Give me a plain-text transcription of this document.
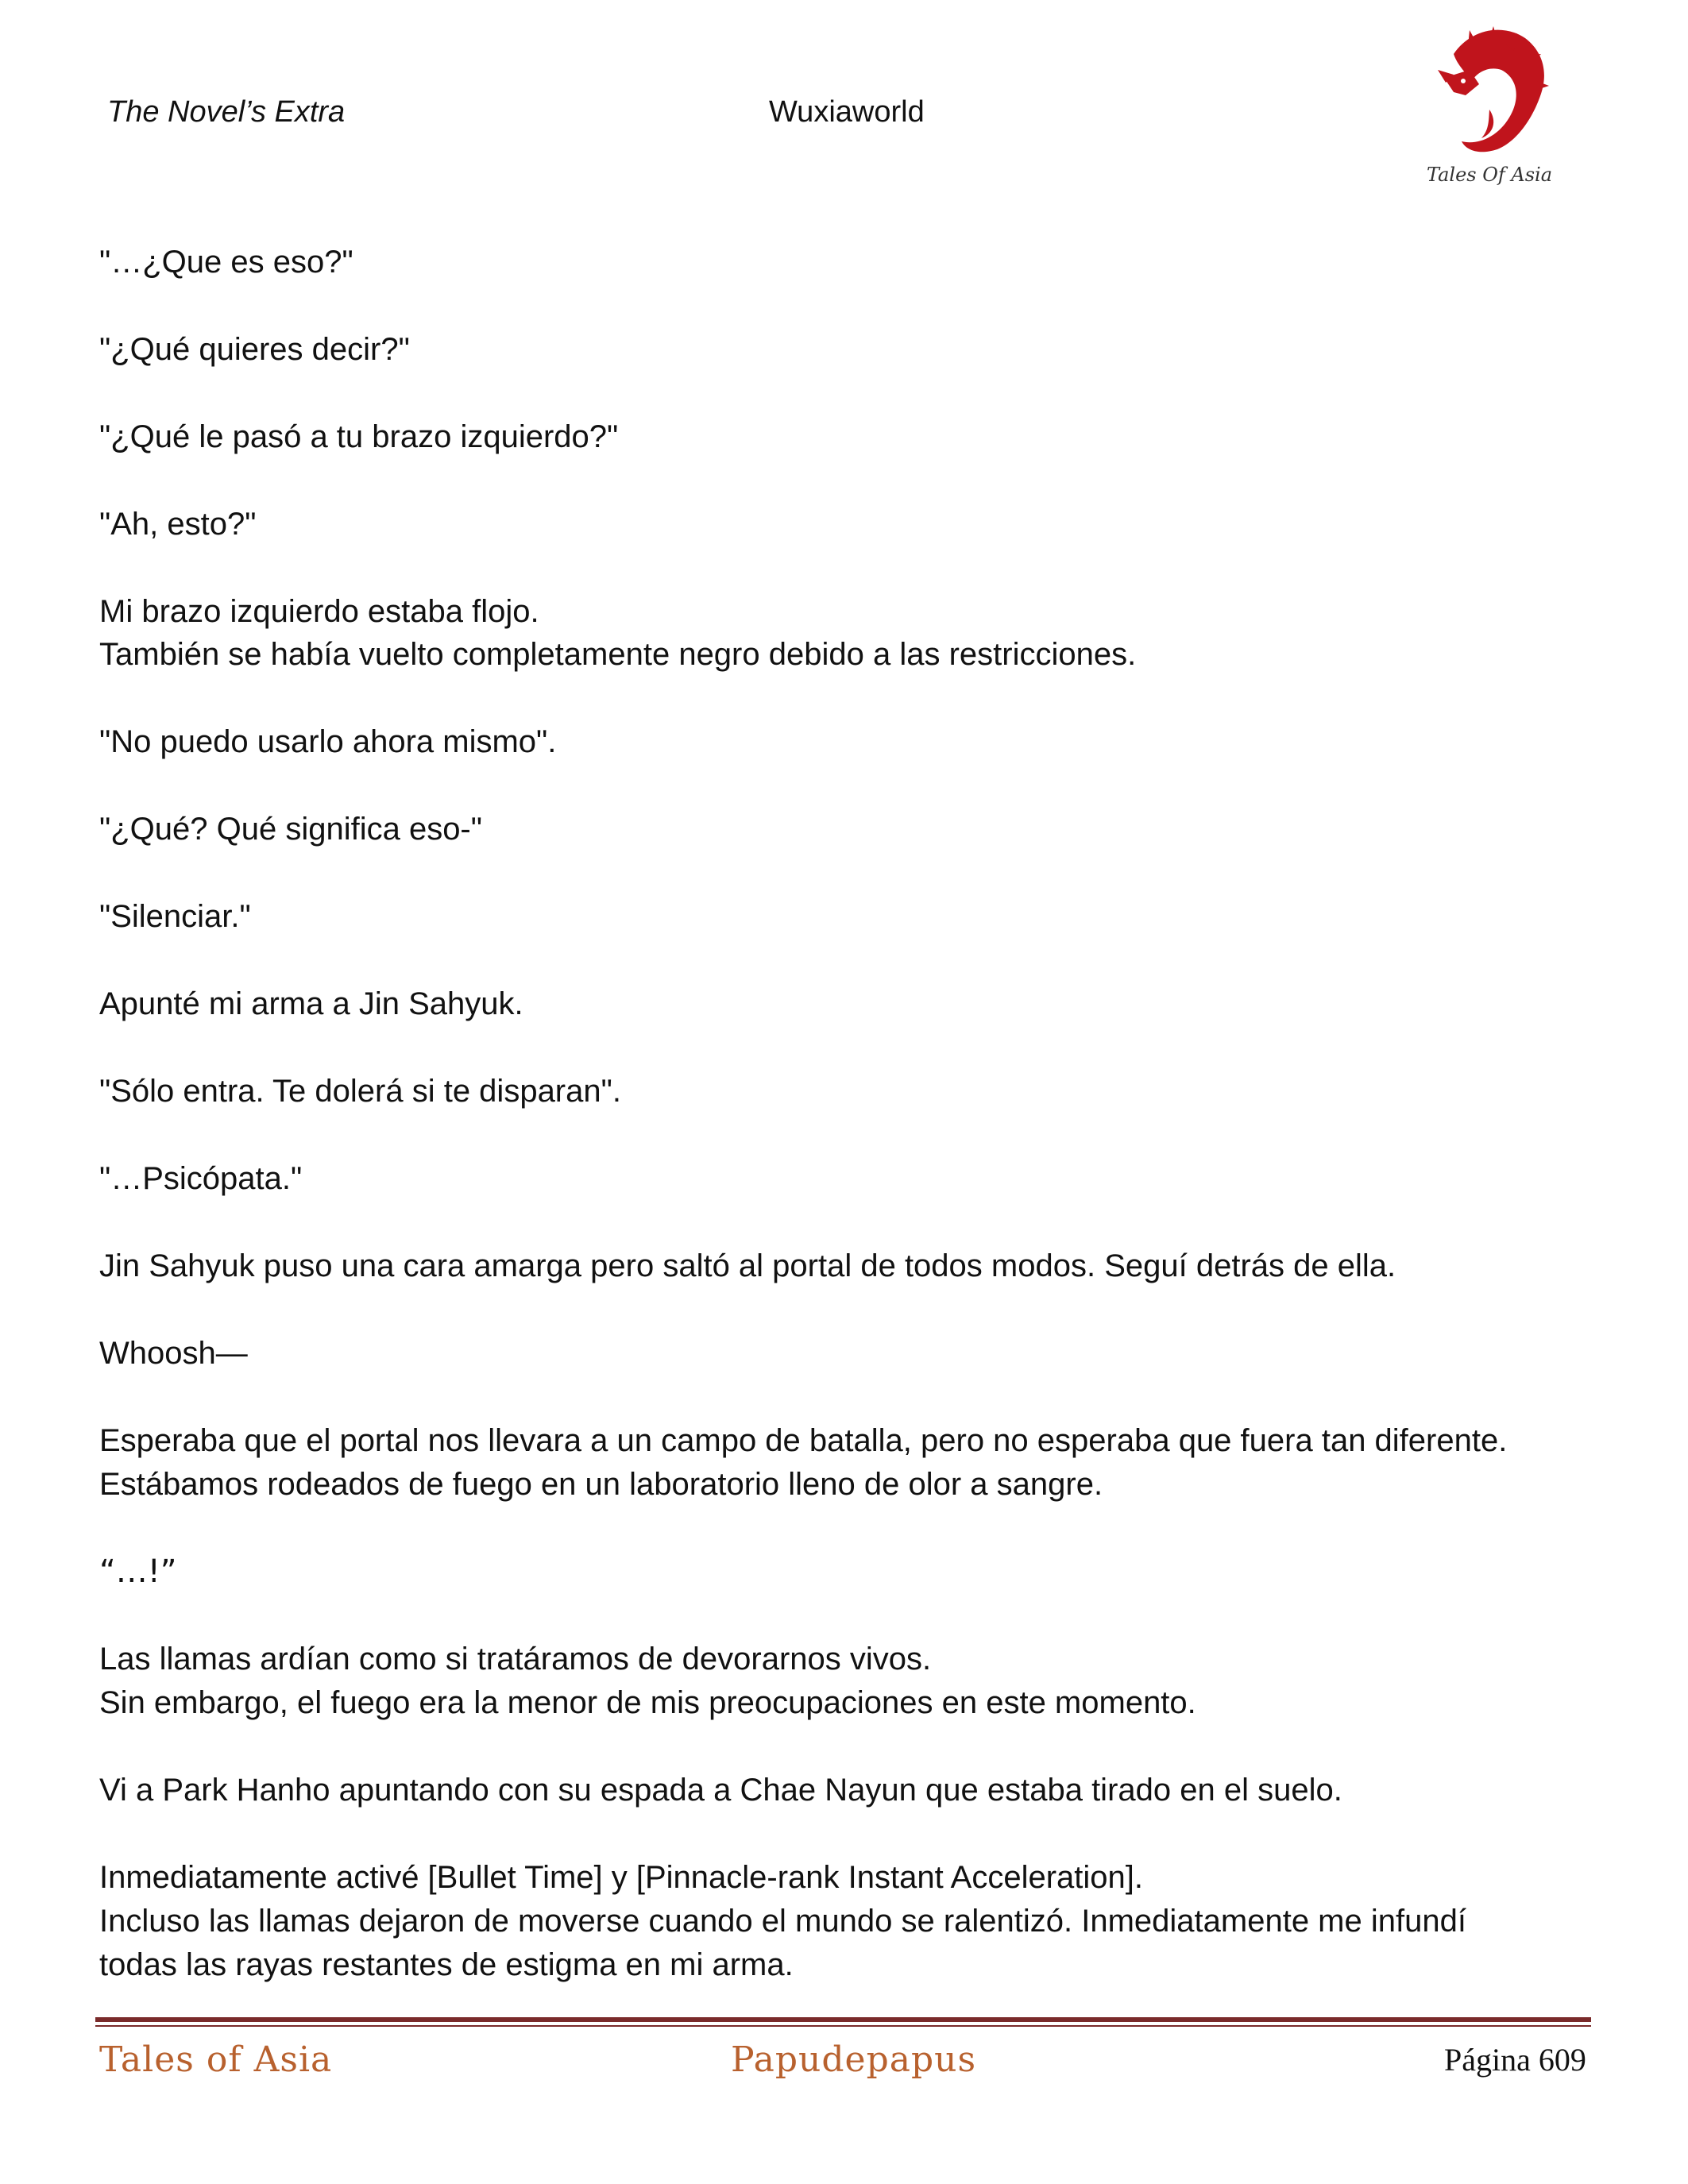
The Novel’s Extra	Wuxiaworld
Tales Of Asia
"…¿Que es eso?"
"¿Qué quieres decir?"
"¿Qué le pasó a tu brazo izquierdo?"
"Ah, esto?"
Mi brazo izquierdo estaba flojo.
También se había vuelto completamente negro debido a las restricciones.
"No puedo usarlo ahora mismo".
"¿Qué? Qué significa eso-"
"Silenciar."
Apunté mi arma a Jin Sahyuk.
"Sólo entra. Te dolerá si te disparan".
"…Psicópata."
Jin Sahyuk puso una cara amarga pero saltó al portal de todos modos. Seguí detrás de ella.
Whoosh—
Esperaba que el portal nos llevara a un campo de batalla, pero no esperaba que fuera tan diferente.
Estábamos rodeados de fuego en un laboratorio lleno de olor a sangre.
“…!”
Las llamas ardían como si tratáramos de devorarnos vivos.
Sin embargo, el fuego era la menor de mis preocupaciones en este momento.
Vi a Park Hanho apuntando con su espada a Chae Nayun que estaba tirado en el suelo.
Inmediatamente activé [Bullet Time] y [Pinnacle-rank Instant Acceleration].
Incluso las llamas dejaron de moverse cuando el mundo se ralentizó. Inmediatamente me infundí
todas las rayas restantes de estigma en mi arma.
Tales of Asia	Papudepapus	Página 609
